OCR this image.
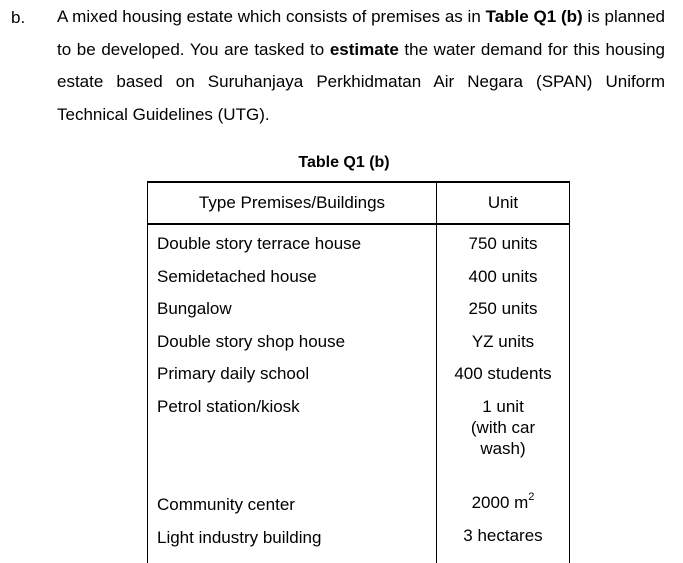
b. A mixed housing estate which consists of premises as in Table Q1 (b) is planned to be developed. You are tasked to estimate the water demand for this housing estate based on Suruhanjaya Perkhidmatan Air Negara (SPAN) Uniform Technical Guidelines (UTG).

Table Q1 (b)
Type Premises/Buildings	Unit
Double story terrace house	750 units
Semidetached house	400 units
Bungalow	250 units
Double story shop house	YZ units
Primary daily school	400 students
Petrol station/kiosk	1 unit
(with car
wash)
Community center	2000 $m^2$
Light industry building	3 hectares
